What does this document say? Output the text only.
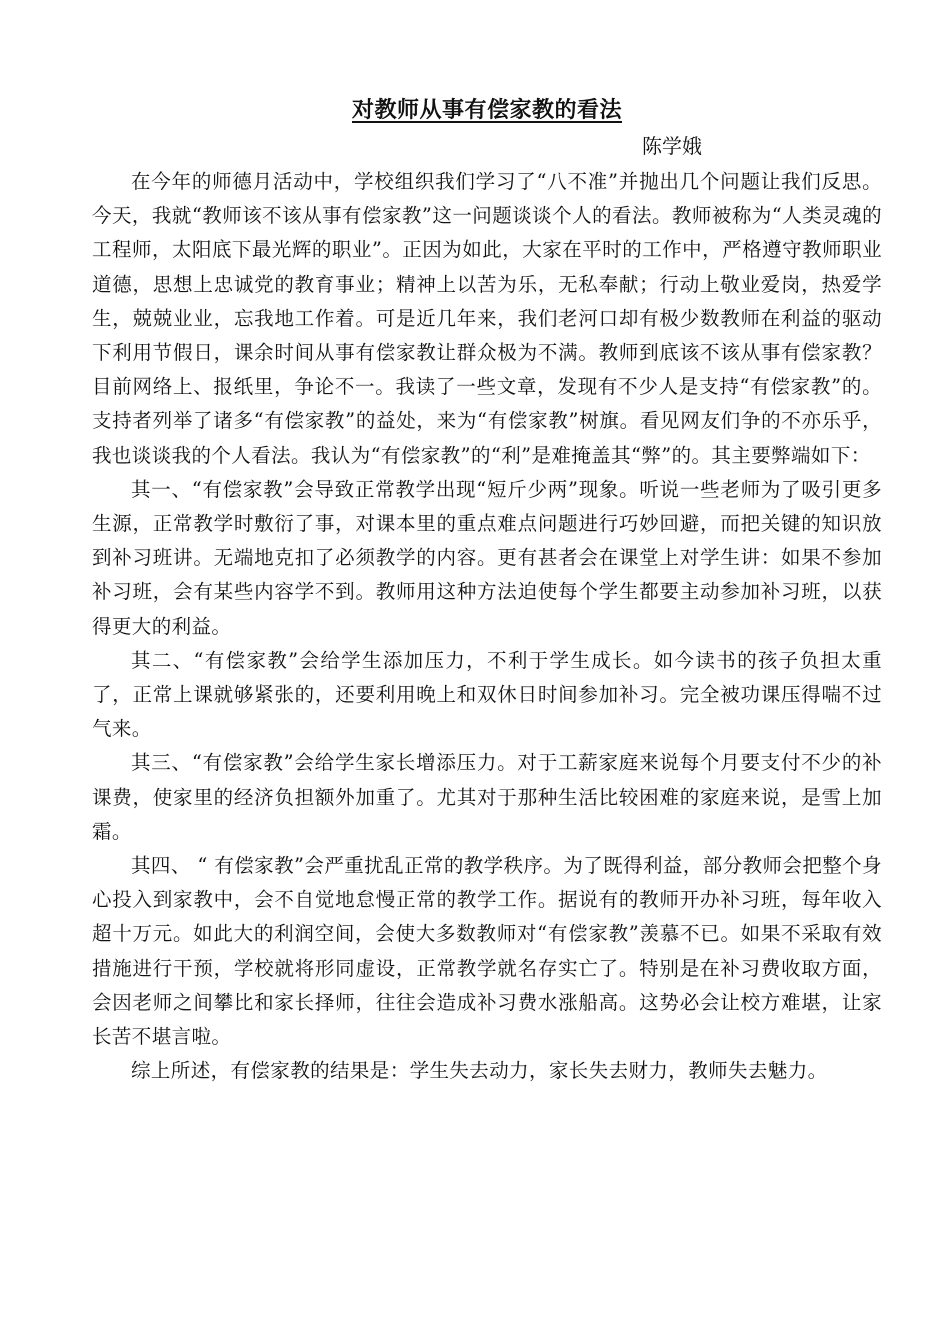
对教师从事有偿家教的看法

陈学娥

在今年的师德月活动中，学校组织我们学习了“八不准”并抛出几个问题让我们反思。今天，我就“教师该不该从事有偿家教”这一问题谈谈个人的看法。教师被称为“人类灵魂的工程师，太阳底下最光辉的职业”。正因为如此，大家在平时的工作中，严格遵守教师职业道德，思想上忠诚党的教育事业；精神上以苦为乐，无私奉献；行动上敬业爱岗，热爱学生，兢兢业业，忘我地工作着。可是近几年来，我们老河口却有极少数教师在利益的驱动下利用节假日，课余时间从事有偿家教让群众极为不满。教师到底该不该从事有偿家教？目前网络上、报纸里，争论不一。我读了一些文章，发现有不少人是支持“有偿家教”的。支持者列举了诸多“有偿家教”的益处，来为“有偿家教”树旗。看见网友们争的不亦乐乎，我也谈谈我的个人看法。我认为“有偿家教”的“利”是难掩盖其“弊”的。其主要弊端如下：

其一、“有偿家教”会导致正常教学出现“短斤少两”现象。听说一些老师为了吸引更多生源，正常教学时敷衍了事，对课本里的重点难点问题进行巧妙回避，而把关键的知识放到补习班讲。无端地克扣了必须教学的内容。更有甚者会在课堂上对学生讲：如果不参加补习班，会有某些内容学不到。教师用这种方法迫使每个学生都要主动参加补习班，以获得更大的利益。

其二、“有偿家教”会给学生添加压力，不利于学生成长。如今读书的孩子负担太重了，正常上课就够紧张的，还要利用晚上和双休日时间参加补习。完全被功课压得喘不过气来。

其三、“有偿家教”会给学生家长增添压力。对于工薪家庭来说每个月要支付不少的补课费，使家里的经济负担额外加重了。尤其对于那种生活比较困难的家庭来说，是雪上加霜。

其四、 “ 有偿家教”会严重扰乱正常的教学秩序。为了既得利益，部分教师会把整个身心投入到家教中，会不自觉地怠慢正常的教学工作。据说有的教师开办补习班，每年收入超十万元。如此大的利润空间，会使大多数教师对“有偿家教”羡慕不已。如果不采取有效措施进行干预，学校就将形同虚设，正常教学就名存实亡了。特别是在补习费收取方面，会因老师之间攀比和家长择师，往往会造成补习费水涨船高。这势必会让校方难堪，让家长苦不堪言啦。

综上所述，有偿家教的结果是：学生失去动力，家长失去财力，教师失去魅力。
